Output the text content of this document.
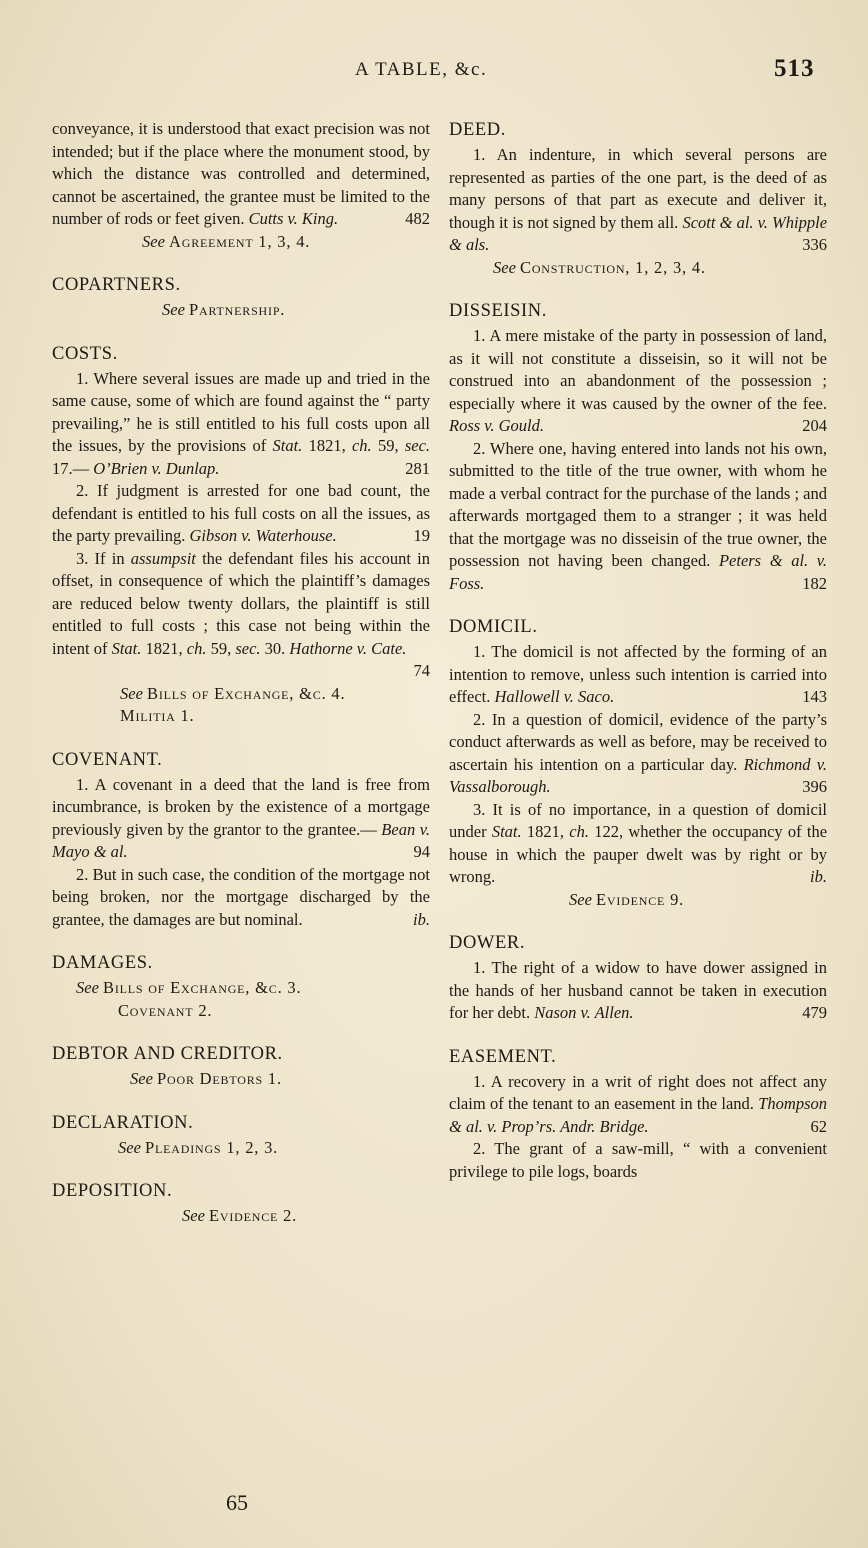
A TABLE, &c.	513

conveyance, it is understood that exact precision was not intended; but if the place where the monument stood, by which the distance was controlled and determined, cannot be ascertained, the grantee must be limited to the number of rods or feet given. Cutts v. King.	482

See Agreement 1, 3, 4.

COPARTNERS.

See Partnership.

COSTS.

1. Where several issues are made up and tried in the same cause, some of which are found against the “ party prevailing,” he is still entitled to his full costs upon all the issues, by the provisions of Stat. 1821, ch. 59, sec. 17.— O’Brien v. Dunlap.	281

2. If judgment is arrested for one bad count, the defendant is entitled to his full costs on all the issues, as the party prevailing. Gibson v. Waterhouse.	19

3. If in assumpsit the defendant files his account in offset, in consequence of which the plaintiff’s damages are reduced below twenty dollars, the plaintiff is still entitled to full costs ; this case not being within the intent of Stat. 1821, ch. 59, sec. 30. Hathorne v. Cate.
74

See Bills of Exchange, &c. 4.

Militia 1.

COVENANT.

1. A covenant in a deed that the land is free from incumbrance, is broken by the existence of a mortgage previously given by the grantor to the grantee.— Bean v. Mayo & al.	94

2. But in such case, the condition of the mortgage not being broken, nor the mortgage discharged by the grantee, the damages are but nominal.	ib.

DAMAGES.

See Bills of Exchange, &c. 3.

Covenant 2.

DEBTOR AND CREDITOR.

See Poor Debtors 1.

DECLARATION.

See Pleadings 1, 2, 3.

DEPOSITION.

See Evidence 2.

DEED.

1. An indenture, in which several persons are represented as parties of the one part, is the deed of as many persons of that part as execute and deliver it, though it is not signed by them all. Scott & al. v. Whipple & als.	336

See Construction, 1, 2, 3, 4.

DISSEISIN.

1. A mere mistake of the party in possession of land, as it will not constitute a disseisin, so it will not be construed into an abandonment of the possession ; especially where it was caused by the owner of the fee. Ross v. Gould.	204

2. Where one, having entered into lands not his own, submitted to the title of the true owner, with whom he made a verbal contract for the purchase of the lands ; and afterwards mortgaged them to a stranger ; it was held that the mortgage was no disseisin of the true owner, the possession not having been changed. Peters & al. v. Foss.	182

DOMICIL.

1. The domicil is not affected by the forming of an intention to remove, unless such intention is carried into effect. Hallowell v. Saco.	143

2. In a question of domicil, evidence of the party’s conduct afterwards as well as before, may be received to ascertain his intention on a particular day. Richmond v. Vassalborough.	396

3. It is of no importance, in a question of domicil under Stat. 1821, ch. 122, whether the occupancy of the house in which the pauper dwelt was by right or by wrong.	ib.

See Evidence 9.

DOWER.

1. The right of a widow to have dower assigned in the hands of her husband cannot be taken in execution for her debt. Nason v. Allen.	479

EASEMENT.

1. A recovery in a writ of right does not affect any claim of the tenant to an easement in the land. Thompson & al. v. Prop’rs. Andr. Bridge.	62

2. The grant of a saw-mill, “ with a convenient privilege to pile logs, boards

65
